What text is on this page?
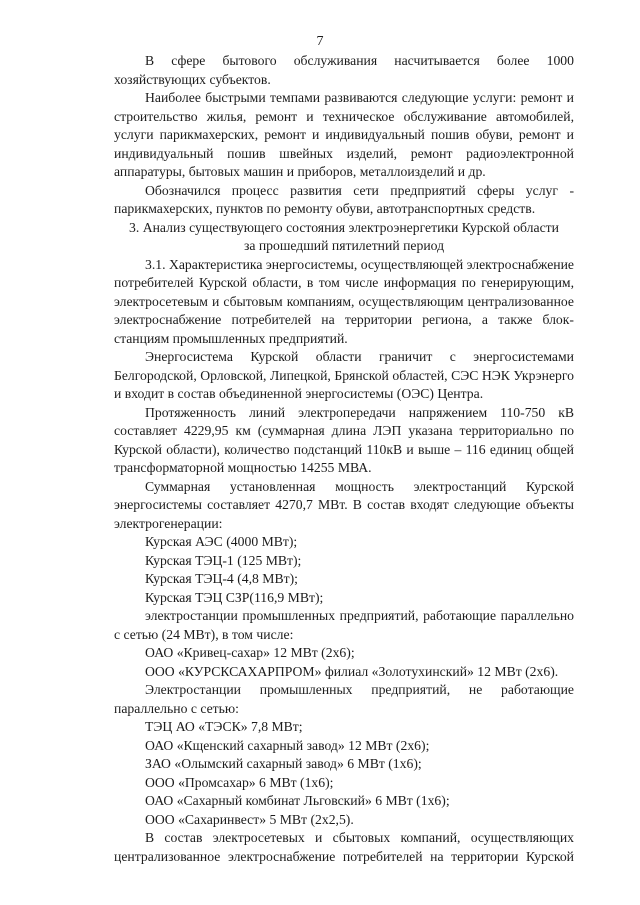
7

В сфере бытового обслуживания насчитывается более 1000 хозяйствующих субъектов.

Наиболее быстрыми темпами развиваются следующие услуги: ремонт и строительство жилья, ремонт и техническое обслуживание автомобилей, услуги парикмахерских, ремонт и индивидуальный пошив обуви, ремонт и индивидуальный пошив швейных изделий, ремонт радиоэлектронной аппаратуры, бытовых машин и приборов, металлоизделий и др.

Обозначился процесс развития сети предприятий сферы услуг - парикмахерских, пунктов по ремонту обуви, автотранспортных средств.

3. Анализ существующего состояния электроэнергетики Курской области за прошедший пятилетний период

3.1. Характеристика энергосистемы, осуществляющей электроснабжение потребителей Курской области, в том числе информация по генерирующим, электросетевым и сбытовым компаниям, осуществляющим централизованное электроснабжение потребителей на территории региона, а также блок-станциям промышленных предприятий.

Энергосистема Курской области граничит с энергосистемами Белгородской, Орловской, Липецкой, Брянской областей, СЭС НЭК Укрэнерго и входит в состав объединенной энергосистемы (ОЭС) Центра.

Протяженность линий электропередачи напряжением 110-750 кВ составляет 4229,95 км (суммарная длина ЛЭП указана территориально по Курской области), количество подстанций 110кВ и выше – 116 единиц общей трансформаторной мощностью 14255 МВА.

Суммарная установленная мощность электростанций Курской энергосистемы составляет 4270,7 МВт. В состав входят следующие объекты электрогенерации:

Курская АЭС (4000 МВт);

Курская ТЭЦ-1 (125 МВт);

Курская ТЭЦ-4 (4,8 МВт);

Курская ТЭЦ СЗР(116,9 МВт);

электростанции промышленных предприятий, работающие параллельно с сетью (24 МВт), в том числе:

ОАО «Кривец-сахар» 12 МВт (2х6);

ООО «КУРСКСАХАРПРОМ» филиал «Золотухинский» 12 МВт (2х6).

Электростанции промышленных предприятий, не работающие параллельно с сетью:

ТЭЦ АО «ТЭСК» 7,8 МВт;

ОАО «Кщенский сахарный завод» 12 МВт (2х6);

ЗАО «Олымский сахарный завод» 6 МВт (1х6);

ООО «Промсахар» 6 МВт (1х6);

ОАО «Сахарный комбинат Льговский» 6 МВт (1х6);

ООО «Сахаринвест» 5 МВт (2х2,5).

В состав электросетевых и сбытовых компаний, осуществляющих централизованное электроснабжение потребителей на территории Курской
